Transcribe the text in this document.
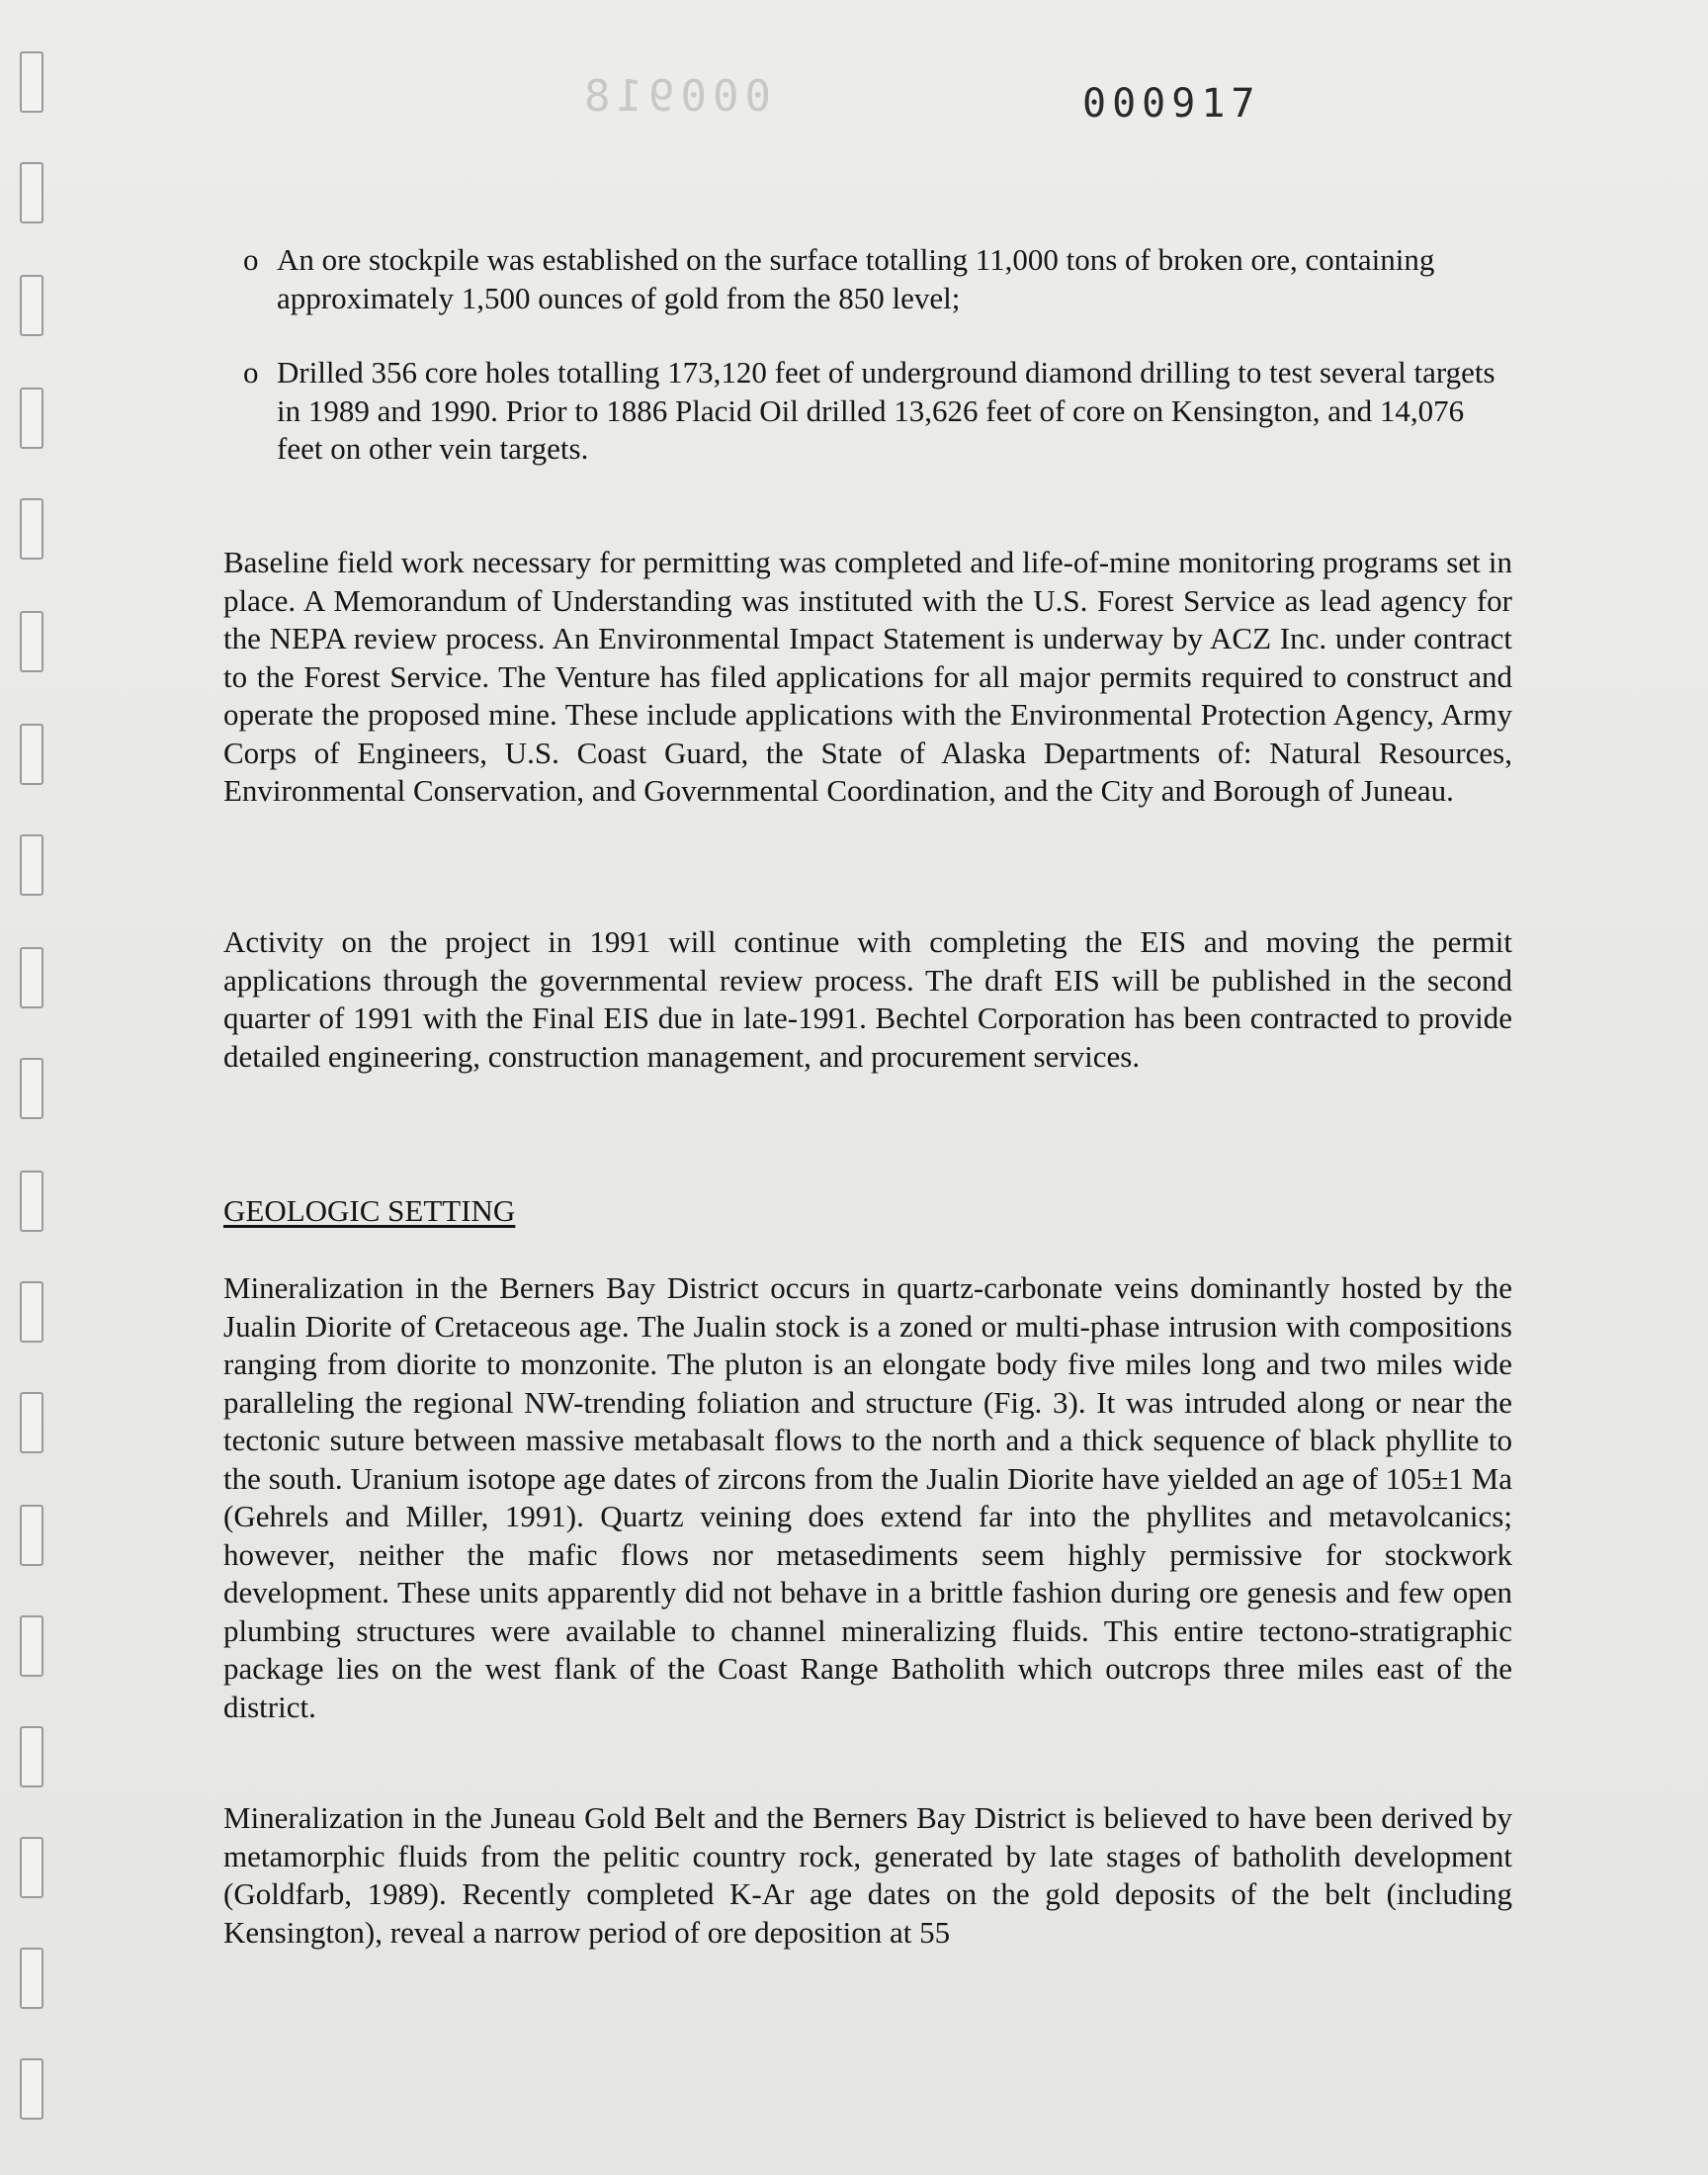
000918	000917
o An ore stockpile was established on the surface totalling 11,000 tons of broken ore, containing approximately 1,500 ounces of gold from the 850 level;
o Drilled 356 core holes totalling 173,120 feet of underground diamond drilling to test several targets in 1989 and 1990. Prior to 1886 Placid Oil drilled 13,626 feet of core on Kensington, and 14,076 feet on other vein targets.

Baseline field work necessary for permitting was completed and life-of-mine monitoring programs set in place. A Memorandum of Understanding was instituted with the U.S. Forest Service as lead agency for the NEPA review process. An Environmental Impact Statement is underway by ACZ Inc. under contract to the Forest Service. The Venture has filed applications for all major permits required to construct and operate the proposed mine. These include applications with the Environmental Protection Agency, Army Corps of Engineers, U.S. Coast Guard, the State of Alaska Departments of: Natural Resources, Environmental Conservation, and Governmental Coordination, and the City and Borough of Juneau.

Activity on the project in 1991 will continue with completing the EIS and moving the permit applications through the governmental review process. The draft EIS will be published in the second quarter of 1991 with the Final EIS due in late-1991. Bechtel Corporation has been contracted to provide detailed engineering, construction management, and procurement services.

GEOLOGIC SETTING

Mineralization in the Berners Bay District occurs in quartz-carbonate veins dominantly hosted by the Jualin Diorite of Cretaceous age. The Jualin stock is a zoned or multi-phase intrusion with compositions ranging from diorite to monzonite. The pluton is an elongate body five miles long and two miles wide paralleling the regional NW-trending foliation and structure (Fig. 3). It was intruded along or near the tectonic suture between massive metabasalt flows to the north and a thick sequence of black phyllite to the south. Uranium isotope age dates of zircons from the Jualin Diorite have yielded an age of 105±1 Ma (Gehrels and Miller, 1991). Quartz veining does extend far into the phyllites and metavolcanics; however, neither the mafic flows nor metasediments seem highly permissive for stockwork development. These units apparently did not behave in a brittle fashion during ore genesis and few open plumbing structures were available to channel mineralizing fluids. This entire tectono-stratigraphic package lies on the west flank of the Coast Range Batholith which outcrops three miles east of the district.

Mineralization in the Juneau Gold Belt and the Berners Bay District is believed to have been derived by metamorphic fluids from the pelitic country rock, generated by late stages of batholith development (Goldfarb, 1989). Recently completed K-Ar age dates on the gold deposits of the belt (including Kensington), reveal a narrow period of ore deposition at 55
